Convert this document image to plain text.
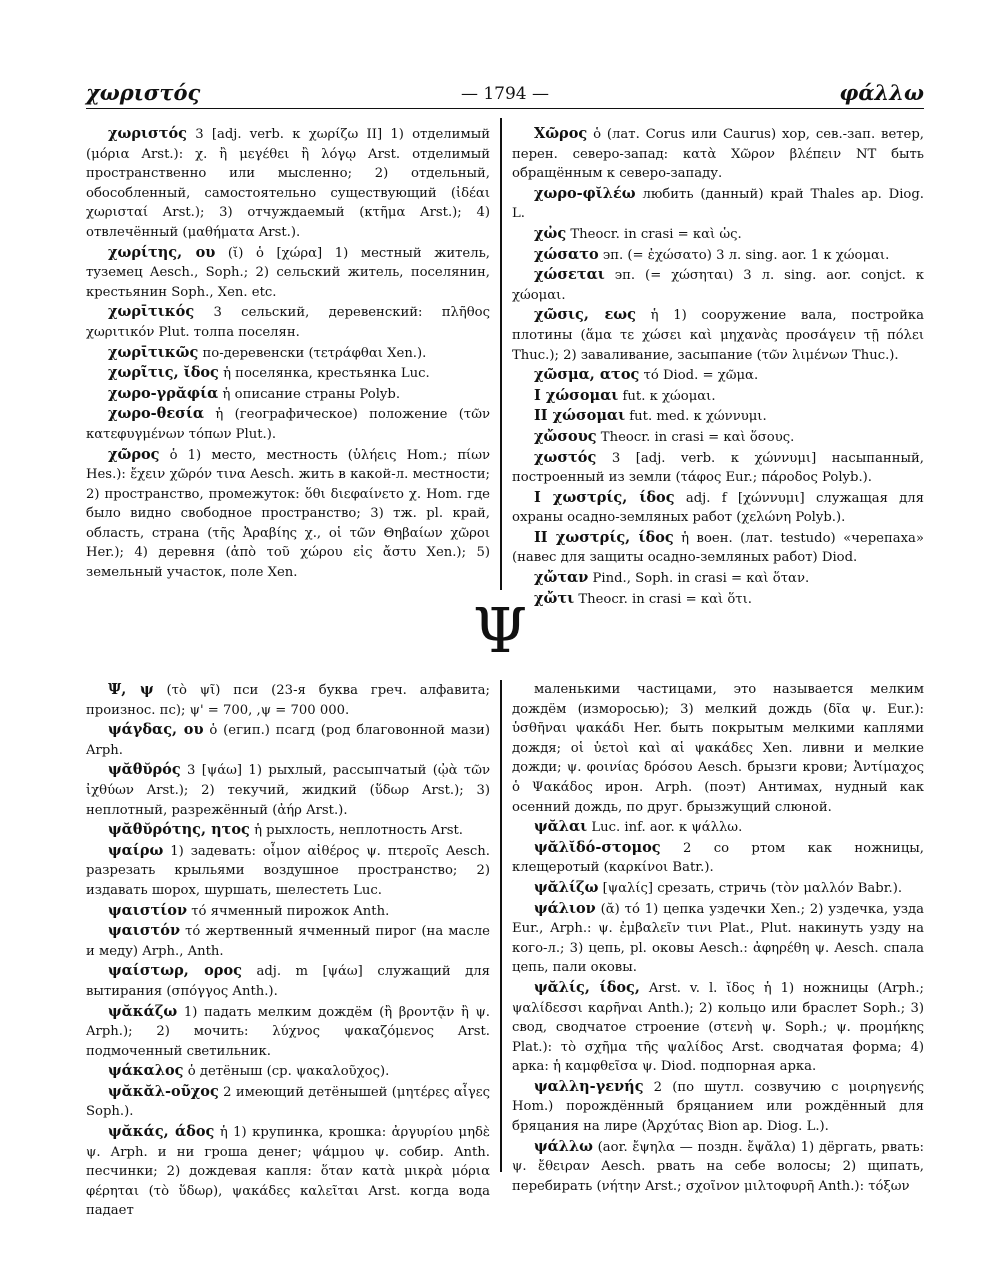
χωριστός	— 1794 —	φάλλω

χωριστός 3 [adj. verb. к χωρίζω II] 1) отделимый (μόρια Arst.): χ. ἢ μεγέθει ἢ λόγῳ Arst. отделимый пространственно или мысленно; 2) отдельный, обособленный, самостоятельно существующий (ἰδέαι χωρισταί Arst.); 3) отчуждаемый (κτῆμα Arst.); 4) отвлечённый (μαθήματα Arst.).

χωρίτης, ου (ῐ) ὁ [χώρα] 1) местный житель, туземец Aesch., Soph.; 2) сельский житель, поселянин, крестьянин Soph., Xen. etc.

χωρῑτικός 3 сельский, деревенский: πλῆθος χωριτικόν Plut. толпа поселян.

χωρῑτικῶς по-деревенски (τετράφθαι Xen.).

χωρῖτις, ῐδος ἡ поселянка, крестьянка Luc.

χωρο-γρᾰφία ἡ описание страны Polyb.

χωρο-θεσία ἡ (географическое) положение (τῶν κατεφυγμένων τόπων Plut.).

χῶρος ὁ 1) место, местность (ὑλήεις Hom.; πίων Hes.): ἔχειν χῶρόν τινα Aesch. жить в какой-л. местности; 2) пространство, промежуток: ὅθι διεφαίνετο χ. Hom. где было видно свободное пространство; 3) тж. pl. край, область, страна (τῆς Ἀραβίης χ., οἱ τῶν Θηβαίων χῶροι Her.); 4) деревня (ἀπὸ τοῦ χώρου εἰς ἄστυ Xen.); 5) земельный участок, поле Xen.

Χῶρος ὁ (лат. Corus или Caurus) хор, сев.-зап. ветер, перен. северо-запад: κατὰ Χῶρον βλέπειν NT быть обращённым к северо-западу.

χωρο-φῐλέω любить (данный) край Thales ap. Diog. L.

χὠς Theocr. in crasi = καὶ ὡς.

χώσατο эп. (= ἐχώσατο) 3 л. sing. aor. 1 к χώομαι.

χώσεται эп. (= χώσηται) 3 л. sing. aor. conjct. к χώομαι.

χῶσις, εως ἡ 1) сооружение вала, постройка плотины (ἅμα τε χώσει καὶ μηχανὰς προσάγειν τῇ πόλει Thuc.); 2) заваливание, засыпание (τῶν λιμένων Thuc.).

χῶσμα, ατος τό Diod. = χῶμα.

I χώσομαι fut. к χώομαι.

II χώσομαι fut. med. к χώννυμι.

χὤσους Theocr. in crasi = καὶ ὅσους.

χωστός 3 [adj. verb. к χώννυμι] насыпанный, построенный из земли (τάφος Eur.; πάροδος Polyb.).

I χωστρίς, ίδος adj. f [χώννυμι] служащая для охраны осадно-земляных работ (χελώνη Polyb.).

II χωστρίς, ίδος ἡ воен. (лат. testudo) «черепаха» (навес для защиты осадно-земляных работ) Diod.

χὤταν Pind., Soph. in crasi = καὶ ὅταν.

χὤτι Theocr. in crasi = καὶ ὅτι.

Ψ

Ψ, ψ (τὸ ψῖ) пси (23-я буква греч. алфавита; произнос. пс); ψ' = 700, ,ψ = 700 000.

ψάγδας, ου ὁ (егип.) псагд (род благовонной мази) Arph.

ψᾰθῠρός 3 [ψάω] 1) рыхлый, рассыпчатый (ᾠὰ τῶν ἰχθύων Arst.); 2) текучий, жидкий (ὕδωρ Arst.); 3) неплотный, разрежённый (ἀήρ Arst.).

ψᾰθῠρότης, ητος ἡ рыхлость, неплотность Arst.

ψαίρω 1) задевать: οἶμον αἰθέρος ψ. πτεροῖς Aesch. разрезать крыльями воздушное пространство; 2) издавать шорох, шуршать, шелестеть Luc.

ψαιστίον τό ячменный пирожок Anth.

ψαιστόν τό жертвенный ячменный пирог (на масле и меду) Arph., Anth.

ψαίστωρ, ορος adj. m [ψάω] служащий для вытирания (σπόγγος Anth.).

ψᾰκάζω 1) падать мелким дождём (ἢ βροντᾷν ἢ ψ. Arph.); 2) мочить: λύχνος ψακαζόμενος Arst. подмоченный светильник.

ψάκαλος ὁ детёныш (ср. ψακαλοῦχος).

ψᾰκᾰλ-οῦχος 2 имеющий детёнышей (μητέρες αἶγες Soph.).

ψᾰκάς, άδος ἡ 1) крупинка, крошка: ἀργυρίου μηδὲ ψ. Arph. и ни гроша денег; ψάμμου ψ. собир. Anth. песчинки; 2) дождевая капля: ὅταν κατὰ μικρὰ μόρια φέρηται (τὸ ὕδωρ), ψακάδες καλεῖται Arst. когда вода падает

маленькими частицами, это называется мелким дождём (изморосью); 3) мелкий дождь (δῖα ψ. Eur.): ὑσθῆναι ψακάδι Her. быть покрытым мелкими каплями дождя; οἱ ὑετοὶ καὶ αἱ ψακάδες Xen. ливни и мелкие дожди; ψ. φοινίας δρόσου Aesch. брызги крови; Ἀντίμαχος ὁ Ψακάδος ирон. Arph. (поэт) Антимах, нудный как осенний дождь, по друг. брызжущий слюной.

ψᾰλαι Luc. inf. aor. к ψάλλω.

ψᾰλῐδό-στομος 2 со ртом как ножницы, клещеротый (καρκίνοι Batr.).

ψᾰλίζω [ψαλίς] срезать, стричь (τὸν μαλλόν Babr.).

ψάλιον (ᾰ) τό 1) цепка уздечки Xen.; 2) уздечка, узда Eur., Arph.: ψ. ἐμβαλεῖν τινι Plat., Plut. накинуть узду на кого-л.; 3) цепь, pl. оковы Aesch.: ἀφηρέθη ψ. Aesch. спала цепь, пали оковы.

ψᾰλίς, ίδος, Arst. v. l. ῐδος ἡ 1) ножницы (Arph.; ψαλίδεσσι καρῆναι Anth.); 2) кольцо или браслет Soph.; 3) свод, сводчатое строение (στενὴ ψ. Soph.; ψ. προμήκης Plat.): τὸ σχῆμα τῆς ψαλίδος Arst. сводчатая форма; 4) арка: ἡ καμφθεῖσα ψ. Diod. подпорная арка.

ψαλλη-γενής 2 (по шутл. созвучию с μοιρηγενής Hom.) порождённый бряцанием или рождённый для бряцания на лире (Ἀρχύτας Bion ap. Diog. L.).

ψάλλω (aor. ἔψηλα — поздн. ἔψᾰλα) 1) дёргать, рвать: ψ. ἔθειραν Aesch. рвать на себе волосы; 2) щипать, перебирать (νήτην Arst.; σχοῖνον μιλτοφυρῆ Anth.): τόξων
